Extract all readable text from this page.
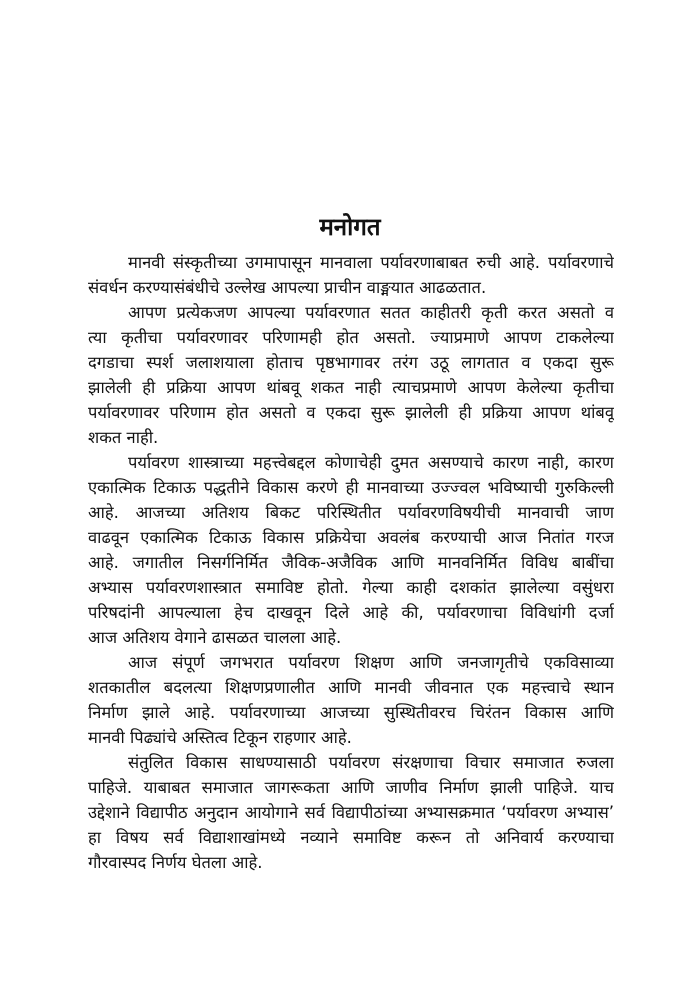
मनोगत
मानवी संस्कृतीच्या उगमापासून मानवाला पर्यावरणाबाबत रुची आहे. पर्यावरणाचे
संवर्धन करण्यासंबंधीचे उल्लेख आपल्या प्राचीन वाङ्मयात आढळतात.
आपण प्रत्येकजण आपल्या पर्यावरणात सतत काहीतरी कृती करत असतो व
त्या कृतीचा पर्यावरणावर परिणामही होत असतो. ज्याप्रमाणे आपण टाकलेल्या
दगडाचा स्पर्श जलाशयाला होताच पृष्ठभागावर तरंग उठू लागतात व एकदा सुरू
झालेली ही प्रक्रिया आपण थांबवू शकत नाही त्याचप्रमाणे आपण केलेल्या कृतीचा
पर्यावरणावर परिणाम होत असतो व एकदा सुरू झालेली ही प्रक्रिया आपण थांबवू
शकत नाही.
पर्यावरण शास्त्राच्या महत्त्वेबद्दल कोणाचेही दुमत असण्याचे कारण नाही, कारण
एकात्मिक टिकाऊ पद्धतीने विकास करणे ही मानवाच्या उज्ज्वल भविष्याची गुरुकिल्ली
आहे. आजच्या अतिशय बिकट परिस्थितीत पर्यावरणविषयीची मानवाची जाण
वाढवून एकात्मिक टिकाऊ विकास प्रक्रियेचा अवलंब करण्याची आज नितांत गरज
आहे. जगातील निसर्गनिर्मित जैविक-अजैविक आणि मानवनिर्मित विविध बाबींचा
अभ्यास पर्यावरणशास्त्रात समाविष्ट होतो. गेल्या काही दशकांत झालेल्या वसुंधरा
परिषदांनी आपल्याला हेच दाखवून दिले आहे की, पर्यावरणाचा विविधांगी दर्जा
आज अतिशय वेगाने ढासळत चालला आहे.
आज संपूर्ण जगभरात पर्यावरण शिक्षण आणि जनजागृतीचे एकविसाव्या
शतकातील बदलत्या शिक्षणप्रणालीत आणि मानवी जीवनात एक महत्त्वाचे स्थान
निर्माण झाले आहे. पर्यावरणाच्या आजच्या सुस्थितीवरच चिरंतन विकास आणि
मानवी पिढ्यांचे अस्तित्व टिकून राहणार आहे.
संतुलित विकास साधण्यासाठी पर्यावरण संरक्षणाचा विचार समाजात रुजला
पाहिजे. याबाबत समाजात जागरूकता आणि जाणीव निर्माण झाली पाहिजे. याच
उद्देशाने विद्यापीठ अनुदान आयोगाने सर्व विद्यापीठांच्या अभ्यासक्रमात ‘पर्यावरण अभ्यास’
हा विषय सर्व विद्याशाखांमध्ये नव्याने समाविष्ट करून तो अनिवार्य करण्याचा
गौरवास्पद निर्णय घेतला आहे.
